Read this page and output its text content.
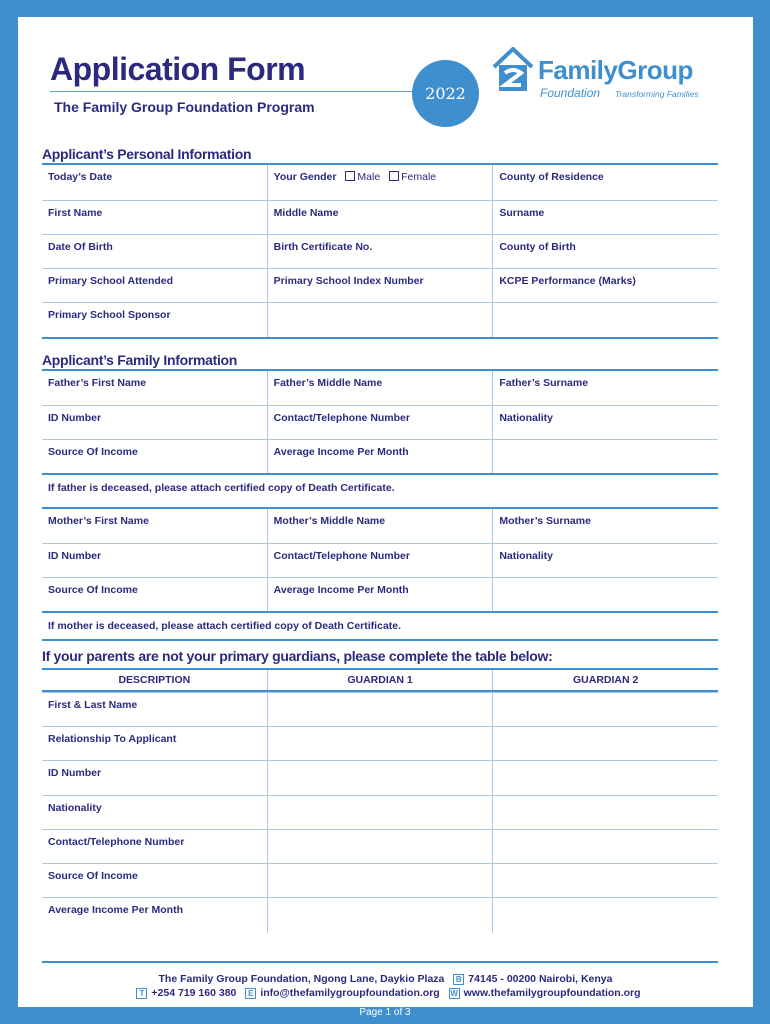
Application Form
The Family Group Foundation Program
2022
FamilyGroup
Foundation Transforming Families
Applicant’s Personal Information
Today’s Date	Your Gender Male Female	County of Residence
First Name	Middle Name	Surname
Date Of Birth	Birth Certificate No.	County of Birth
Primary School Attended	Primary School Index Number	KCPE Performance (Marks)
Primary School Sponsor
Applicant’s Family Information
Father’s First Name	Father’s Middle Name	Father’s Surname
ID Number	Contact/Telephone Number	Nationality
Source Of Income	Average Income Per Month
If father is deceased, please attach certified copy of Death Certificate.
Mother’s First Name	Mother’s Middle Name	Mother’s Surname
ID Number	Contact/Telephone Number	Nationality
Source Of Income	Average Income Per Month
If mother is deceased, please attach certified copy of Death Certificate.
If your parents are not your primary guardians, please complete the table below:
DESCRIPTION	GUARDIAN 1	GUARDIAN 2
First & Last Name
Relationship To Applicant
ID Number
Nationality
Contact/Telephone Number
Source Of Income
Average Income Per Month
The Family Group Foundation, Ngong Lane, Daykio Plaza B 74145 - 00200 Nairobi, Kenya
T +254 719 160 380 E info@thefamilygroupfoundation.org W www.thefamilygroupfoundation.org
Page 1 of 3
